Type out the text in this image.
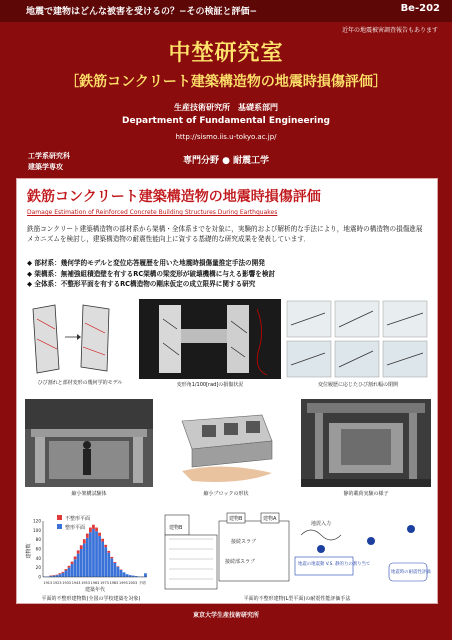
地震で建物はどんな被害を受けるの？−その検証と評価−	Be-202
近年の地震被害調査報告もあります
中埜研究室
［鉄筋コンクリート建築構造物の地震時損傷評価］
生産技術研究所　基礎系部門
Department of Fundamental Engineering
http://sismo.iis.u-tokyo.ac.jp/
工学系研究科
建築学専攻
専門分野 ● 耐震工学
鉄筋コンクリート建築構造物の地震時損傷評価
Damage Estimation of Reinforced Concrete Building Structures During Earthquakes
鉄筋コンクリート建築構造物の部材系から架構・全体系までを対象に，実験的および解析的な手法により，地震時の構造物の損傷進展メカニズムを検討し，建築構造物の耐震性能向上に資する基礎的な研究成果を発表しています．
◆ 部材系：幾何学的モデルと変位応答履歴を用いた地震時損傷量推定手法の開発
◆ 架構系：無補強組積造壁を有するRC架構の梁変形が破壊機構に与える影響を検討
◆ 全体系：不整形平面を有するRC構造物の剛床仮定の成立限界に関する研究
ひび割れと部材変形の幾何学的モデル	変形角1/100[rad]の損傷状況	変位履歴に応じたひび割れ幅の閉開
縮小架構試験体	縮小ブロックの形状	静的載荷実験の様子
0
20
40
60
80
100
120
1913 1923 1933 1943 1953 1963 1973 1983 1993 2003 不明
不整形平面
整形平面
建物数
建築年代
平面的不整形建物数(全国の学校建築を対象)
建物B
建物B	建物A
接続スラブ
接続部スラブ
地震入力
地震の地震動 V.S. 静的力の割り当て
地震時の耐震性評価
平面的不整形建物(L型平面)の耐震性能評価手法
東京大学生産技術研究所
